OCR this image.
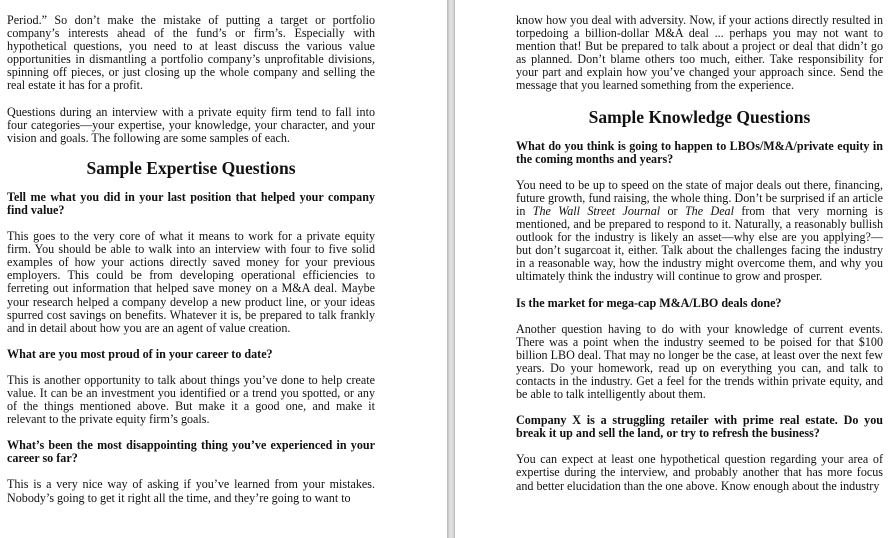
Period.” So don’t make the mistake of putting a target or portfolio company’s interests ahead of the fund’s or firm’s. Especially with hypothetical questions, you need to at least discuss the various value opportunities in dismantling a portfolio company’s unprofitable divisions, spinning off pieces, or just closing up the whole company and selling the real estate it has for a profit.

Questions during an interview with a private equity firm tend to fall into four categories—your expertise, your knowledge, your character, and your vision and goals. The following are some samples of each.

Sample Expertise Questions

Tell me what you did in your last position that helped your company find value?

This goes to the very core of what it means to work for a private equity firm. You should be able to walk into an interview with four to five solid examples of how your actions directly saved money for your previous employers. This could be from developing operational efficiencies to ferreting out information that helped save money on a M&A deal. Maybe your research helped a company develop a new product line, or your ideas spurred cost savings on benefits. Whatever it is, be prepared to talk frankly and in detail about how you are an agent of value creation.

What are you most proud of in your career to date?

This is another opportunity to talk about things you’ve done to help create value. It can be an investment you identified or a trend you spotted, or any of the things mentioned above. But make it a good one, and make it relevant to the private equity firm’s goals.

What’s been the most disappointing thing you’ve experienced in your career so far?

This is a very nice way of asking if you’ve learned from your mistakes. Nobody’s going to get it right all the time, and they’re going to want to

know how you deal with adversity. Now, if your actions directly resulted in torpedoing a billion-dollar M&A deal ... perhaps you may not want to mention that! But be prepared to talk about a project or deal that didn’t go as planned. Don’t blame others too much, either. Take responsibility for your part and explain how you’ve changed your approach since. Send the message that you learned something from the experience.

Sample Knowledge Questions

What do you think is going to happen to LBOs/M&A/private equity in the coming months and years?

You need to be up to speed on the state of major deals out there, financing, future growth, fund raising, the whole thing. Don’t be surprised if an article in The Wall Street Journal or The Deal from that very morning is mentioned, and be prepared to respond to it. Naturally, a reasonably bullish outlook for the industry is likely an asset—why else are you applying?—but don’t sugarcoat it, either. Talk about the challenges facing the industry in a reasonable way, how the industry might overcome them, and why you ultimately think the industry will continue to grow and prosper.

Is the market for mega-cap M&A/LBO deals done?

Another question having to do with your knowledge of current events. There was a point when the industry seemed to be poised for that $100 billion LBO deal. That may no longer be the case, at least over the next few years. Do your homework, read up on everything you can, and talk to contacts in the industry. Get a feel for the trends within private equity, and be able to talk intelligently about them.

Company X is a struggling retailer with prime real estate. Do you break it up and sell the land, or try to refresh the business?

You can expect at least one hypothetical question regarding your area of expertise during the interview, and probably another that has more focus and better elucidation than the one above. Know enough about the industry
